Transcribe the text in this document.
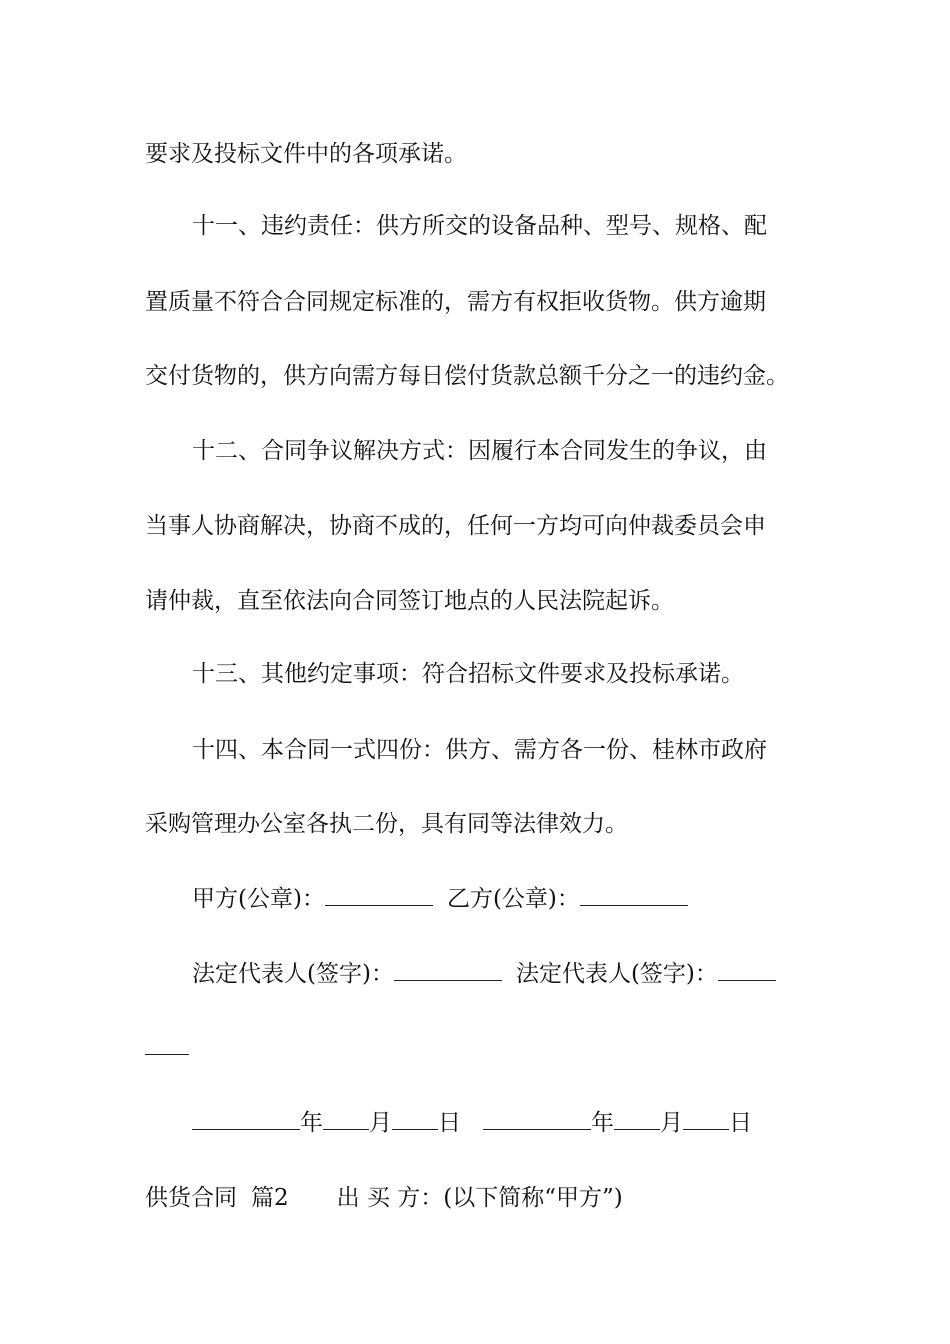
要求及投标文件中的各项承诺。
十一、违约责任：供方所交的设备品种、型号、规格、配
置质量不符合合同规定标准的，需方有权拒收货物。供方逾期
交付货物的，供方向需方每日偿付货款总额千分之一的违约金。
十二、合同争议解决方式：因履行本合同发生的争议，由
当事人协商解决，协商不成的，任何一方均可向仲裁委员会申
请仲裁，直至依法向合同签订地点的人民法院起诉。
十三、其他约定事项：符合招标文件要求及投标承诺。
十四、本合同一式四份：供方、需方各一份、桂林市政府
采购管理办公室各执二份，具有同等法律效力。
甲方(公章)：	乙方(公章)：
法定代表人(签字)：	法定代表人(签字)：
年 月 日	年 月 日
供货合同 篇2 出 买 方：(以下简称“甲方”)
